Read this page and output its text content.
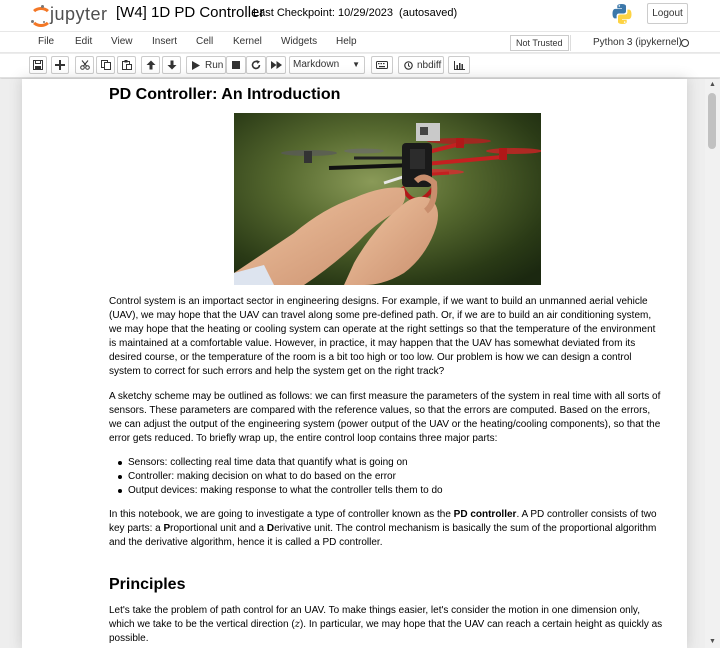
jupyter [W4] 1D PD Controller
Last Checkpoint: 10/29/2023 (autosaved)	Logout
File Edit View Insert Cell Kernel Widgets Help	Not Trusted	Python 3 (ipykernel)
Run	Markdown ▼	nbdiff
PD Controller: An Introduction

Control system is an importact sector in engineering designs. For example, if we want to build an unmanned aerial vehicle (UAV), we may hope that the UAV can travel along some pre-defined path. Or, if we are to build an air conditioning system, we may hope that the heating or cooling system can operate at the right settings so that the temperature of the environment is maintained at a comfortable value. However, in practice, it may happen that the UAV has somewhat deviated from its desired course, or the temperature of the room is a bit too high or too low. Our problem is how we can design a control system to correct for such errors and help the system get on the right track?

A sketchy scheme may be outlined as follows: we can first measure the parameters of the system in real time with all sorts of sensors. These parameters are compared with the reference values, so that the errors are computed. Based on the errors, we can adjust the output of the engineering system (power output of the UAV or the heating/cooling components), so that the error gets reduced. To briefly wrap up, the entire control loop contains three major parts:

Sensors: collecting real time data that quantify what is going on
Controller: making decision on what to do based on the error
Output devices: making response to what the controller tells them to do

In this notebook, we are going to investigate a type of controller known as the PD controller. A PD controller consists of two key parts: a Proportional unit and a Derivative unit. The control mechanism is basically the sum of the proportional algorithm and the derivative algorithm, hence it is called a PD controller.

Principles

Let's take the problem of path control for an UAV. To make things easier, let's consider the motion in one dimension only, which we take to be the vertical direction (z). In particular, we may hope that the UAV can reach a certain height as quickly as possible.

▲
▼
